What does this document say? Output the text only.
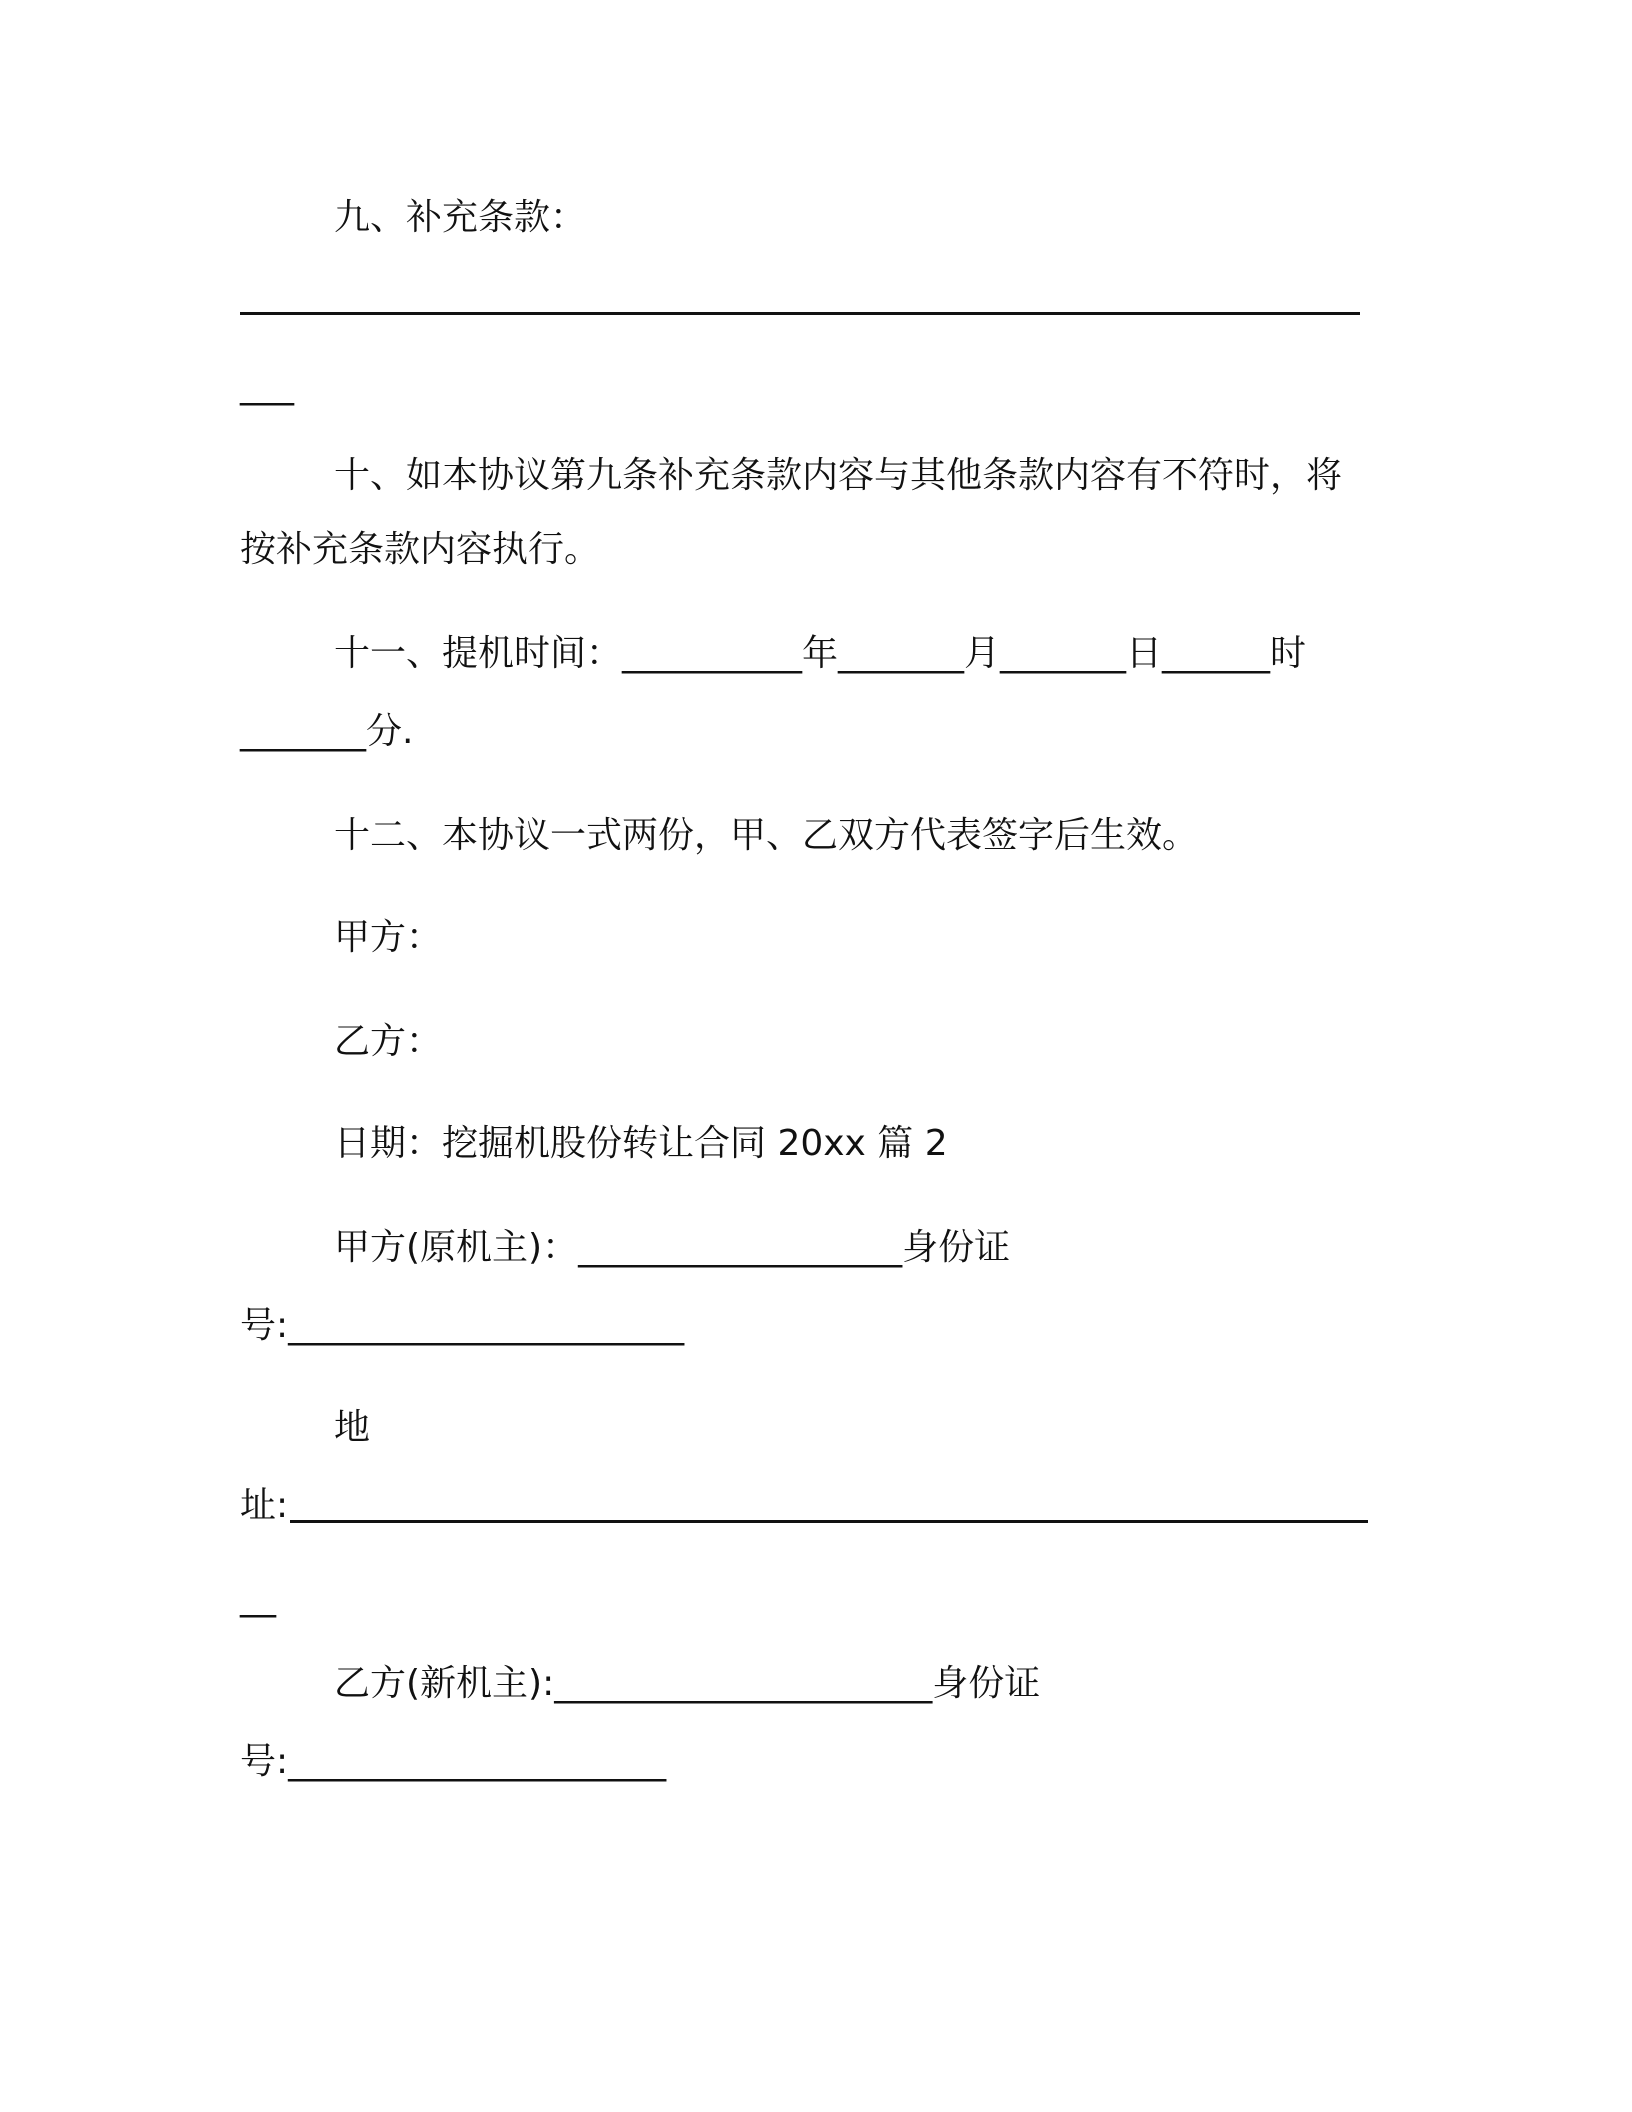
九、补充条款：
___
十、如本协议第九条补充条款内容与其他条款内容有不符时，将
按补充条款内容执行。
十一、提机时间：__________年_______月_______日______时
_______分.
十二、本协议一式两份，甲、乙双方代表签字后生效。
甲方：
乙方：
日期：挖掘机股份转让合同 20xx 篇 2
甲方(原机主)：__________________身份证
号:______________________
地
址:
__
乙方(新机主):_____________________身份证
号:_____________________
